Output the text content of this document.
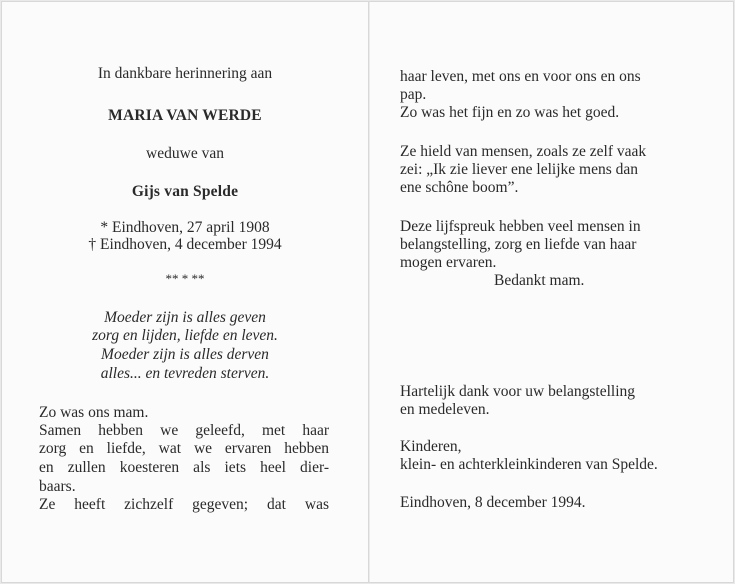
In dankbare herinnering aan

MARIA VAN WERDE

weduwe van

Gijs van Spelde

* Eindhoven, 27 april 1908

† Eindhoven, 4 december 1994

** * **

Moeder zijn is alles geven

zorg en lijden, liefde en leven.

Moeder zijn is alles derven

alles... en tevreden sterven.

Zo was ons mam.

Samen hebben we geleefd, met haar

zorg en liefde, wat we ervaren hebben

en zullen koesteren als iets heel dier-

baars.

Ze heeft zichzelf gegeven; dat was

haar leven, met ons en voor ons en ons

pap.

Zo was het fijn en zo was het goed.

Ze hield van mensen, zoals ze zelf vaak

zei: „Ik zie liever ene lelijke mens dan

ene schône boom”.

Deze lijfspreuk hebben veel mensen in

belangstelling, zorg en liefde van haar

mogen ervaren.

Bedankt mam.

Hartelijk dank voor uw belangstelling

en medeleven.

Kinderen,

klein- en achterkleinkinderen van Spelde.

Eindhoven, 8 december 1994.
